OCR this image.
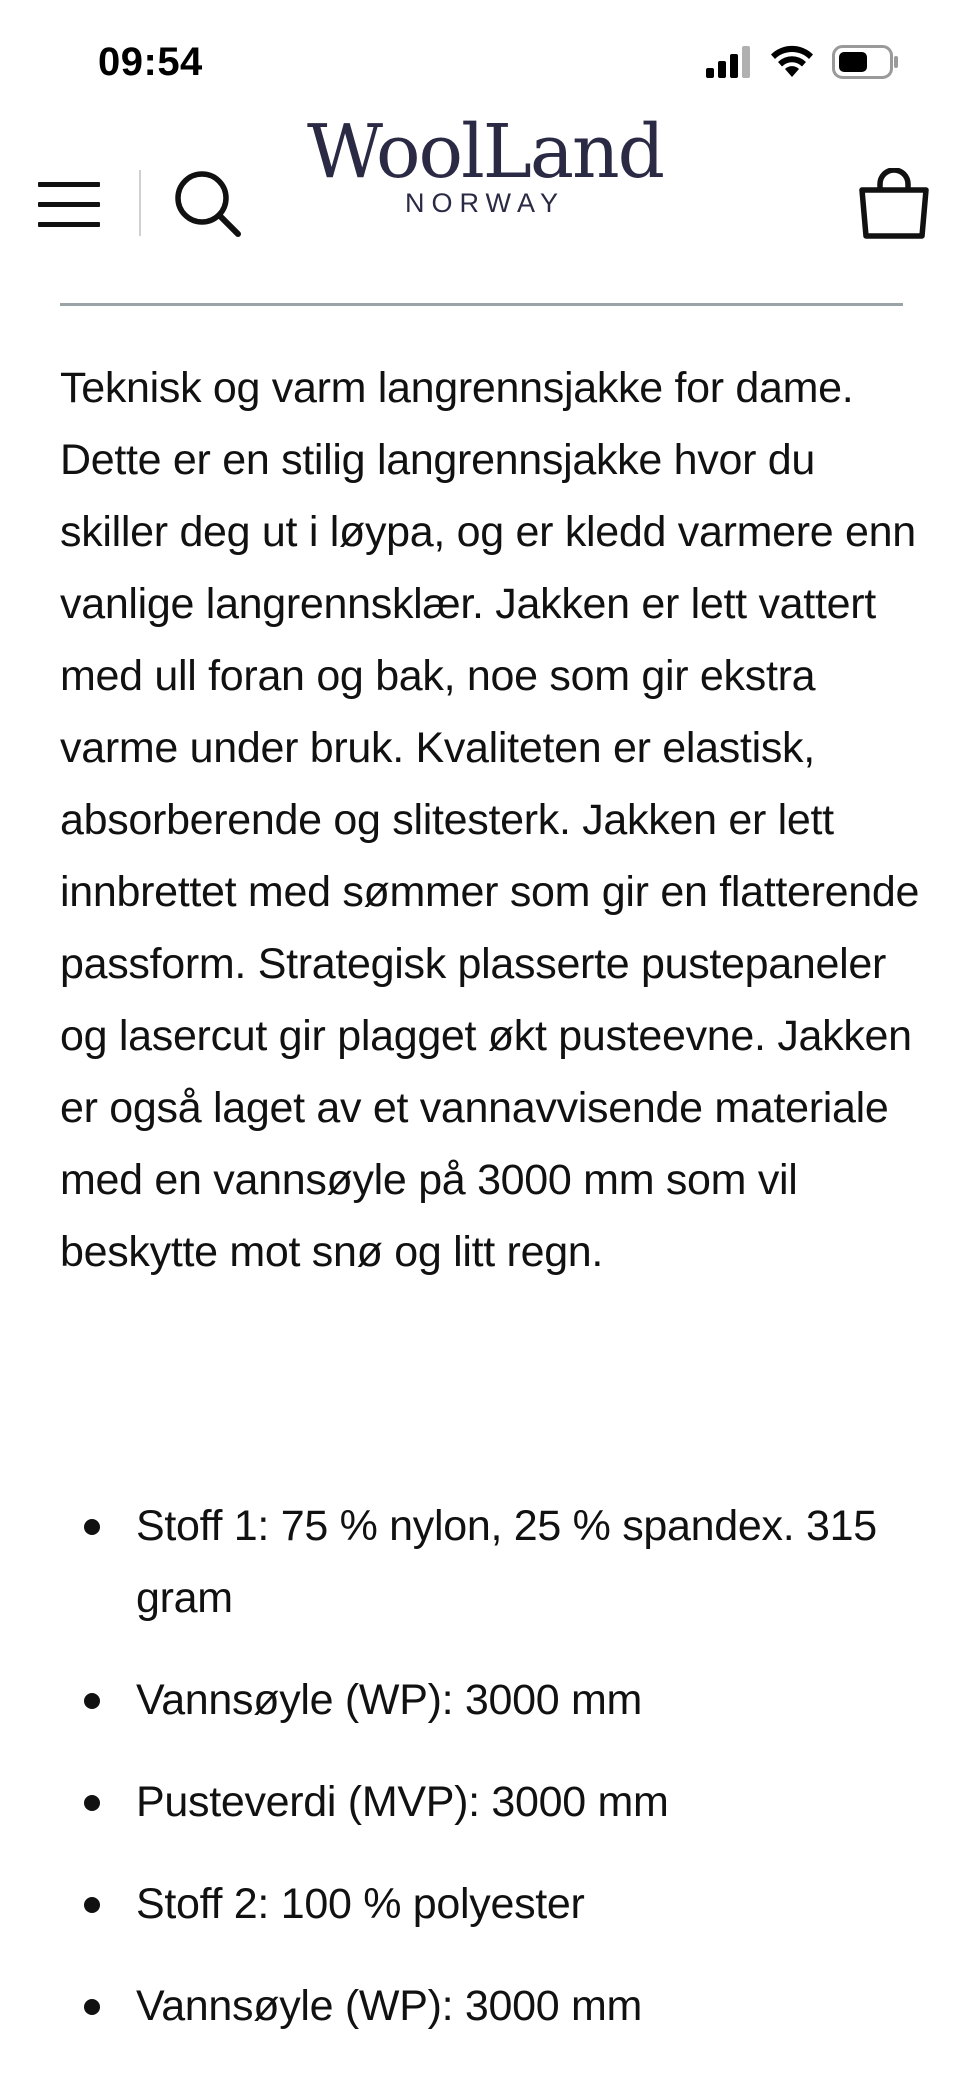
09:54
WoolLand
NORWAY

Teknisk og varm langrennsjakke for dame. Dette er en stilig langrennsjakke hvor du skiller deg ut i løypa, og er kledd varmere enn vanlige langrennsklær. Jakken er lett vattert med ull foran og bak, noe som gir ekstra varme under bruk. Kvaliteten er elastisk, absorberende og slitesterk. Jakken er lett innbrettet med sømmer som gir en flatterende passform. Strategisk plasserte pustepaneler og lasercut gir plagget økt pusteevne. Jakken er også laget av et vannavvisende materiale med en vannsøyle på 3000 mm som vil beskytte mot snø og litt regn.

Stoff 1: 75 % nylon, 25 % spandex. 315 gram
Vannsøyle (WP): 3000 mm
Pusteverdi (MVP): 3000 mm
Stoff 2: 100 % polyester
Vannsøyle (WP): 3000 mm
